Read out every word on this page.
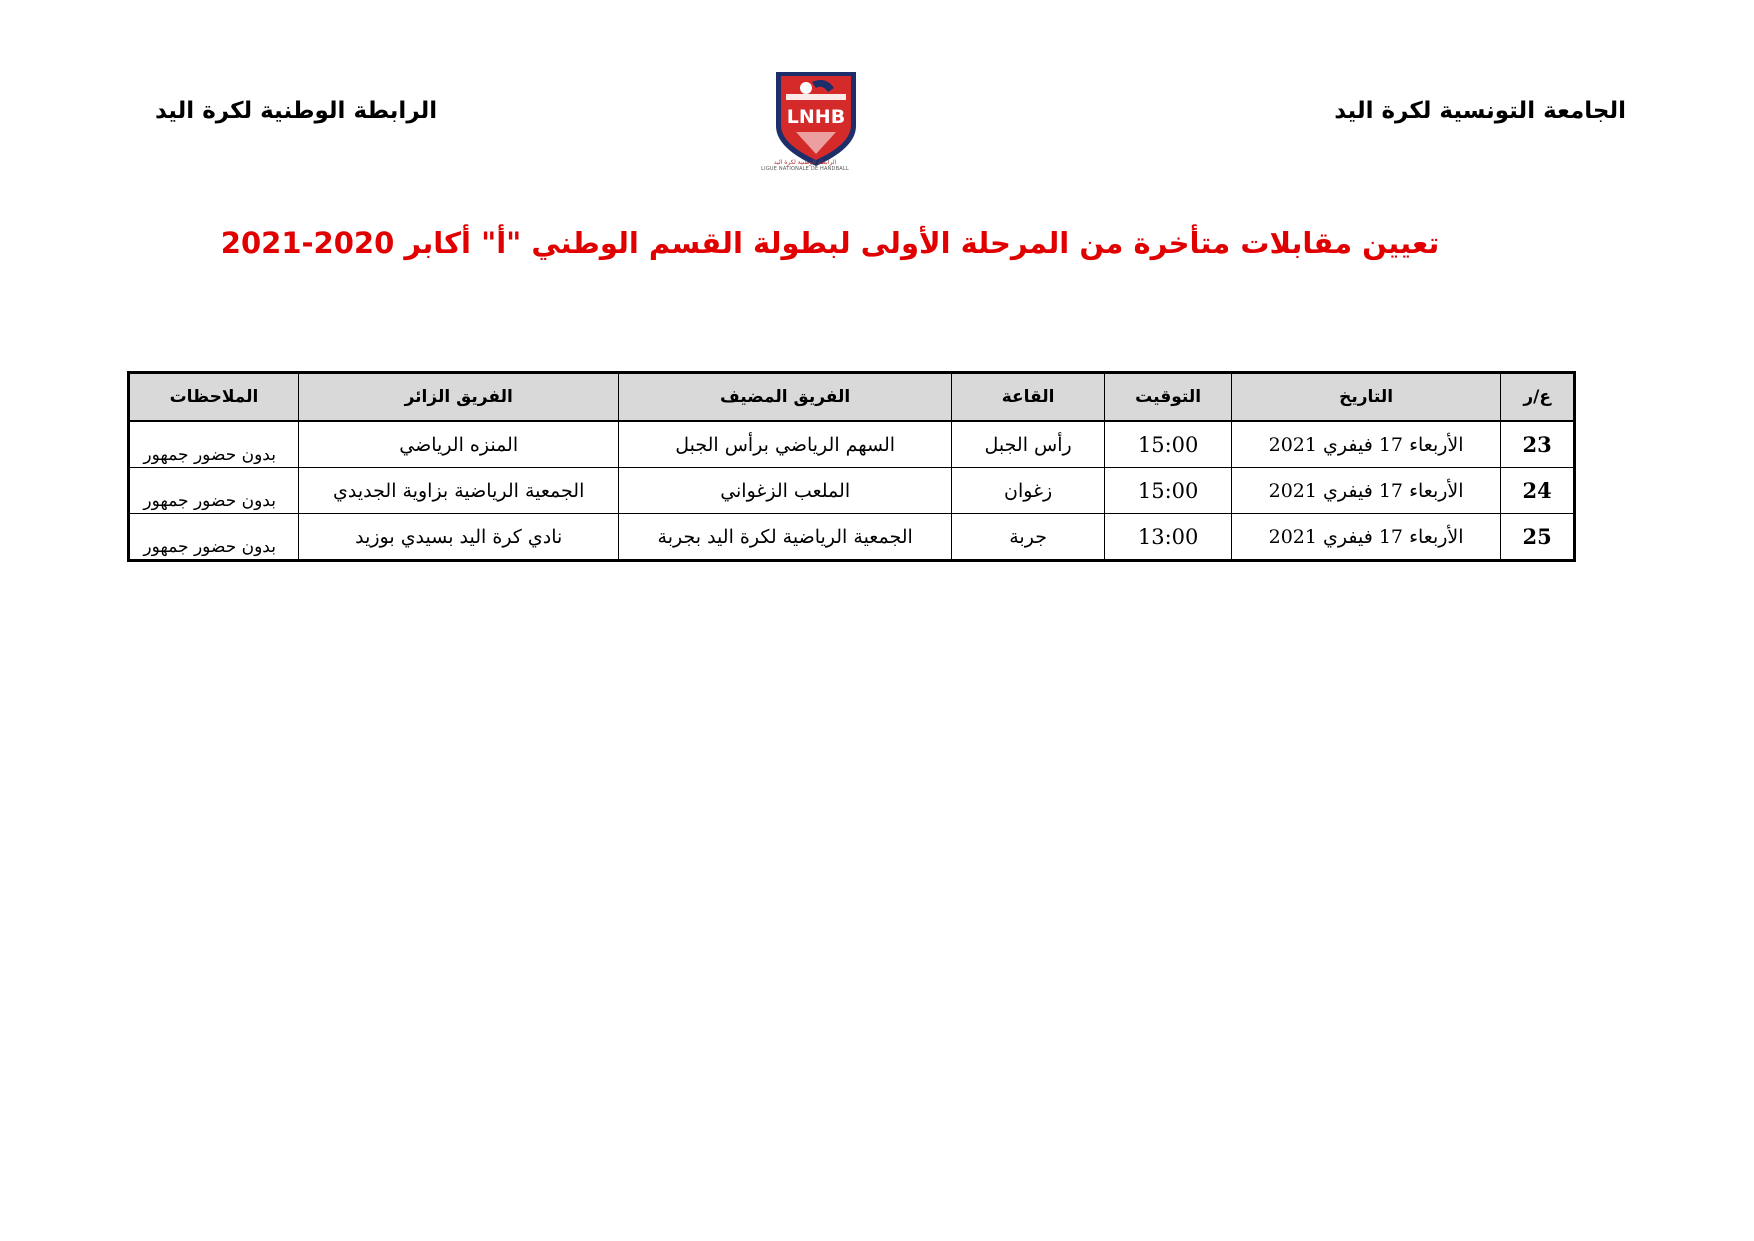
الجامعة التونسية لكرة اليد
الرابطة الوطنية لكرة اليد	LNHB
الرابطة الوطنية لكرة اليد
LIGUE NATIONALE DE HANDBALL
تعيين مقابلات متأخرة من المرحلة الأولى لبطولة القسم الوطني "أ" أكابر 2020-2021
ع/ر	التاريخ	التوقيت	القاعة	الفريق المضيف	الفريق الزائر	الملاحظات
23	الأربعاء 17 فيفري 2021	15:00	رأس الجبل	السهم الرياضي برأس الجبل	المنزه الرياضي	بدون حضور جمهور
24	الأربعاء 17 فيفري 2021	15:00	زغوان	الملعب الزغواني	الجمعية الرياضية بزاوية الجديدي	بدون حضور جمهور
25	الأربعاء 17 فيفري 2021	13:00	جربة	الجمعية الرياضية لكرة اليد بجربة	نادي كرة اليد بسيدي بوزيد	بدون حضور جمهور
